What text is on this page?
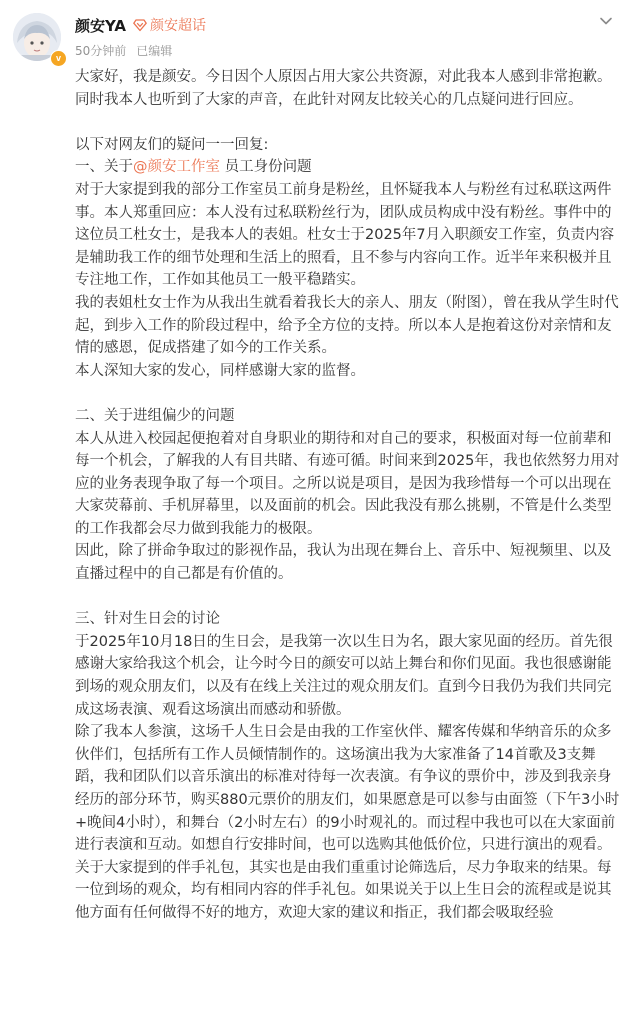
v
颜安YA 颜安超话
50分钟前 已编辑

大家好，我是颜安。今日因个人原因占用大家公共资源，对此我本人感到非常抱歉。同时我本人也听到了大家的声音，在此针对网友比较关心的几点疑问进行回应。

以下对网友们的疑问一一回复:

一、关于@颜安工作室 员工身份问题

对于大家提到我的部分工作室员工前身是粉丝，且怀疑我本人与粉丝有过私联这两件事。本人郑重回应：本人没有过私联粉丝行为，团队成员构成中没有粉丝。事件中的这位员工杜女士，是我本人的表姐。杜女士于2025年7月入职颜安工作室，负责内容是辅助我工作的细节处理和生活上的照看，且不参与内容向工作。近半年来积极并且专注地工作，工作如其他员工一般平稳踏实。

我的表姐杜女士作为从我出生就看着我长大的亲人、朋友（附图），曾在我从学生时代起，到步入工作的阶段过程中，给予全方位的支持。所以本人是抱着这份对亲情和友情的感恩，促成搭建了如今的工作关系。

本人深知大家的发心，同样感谢大家的监督。

二、关于进组偏少的问题

本人从进入校园起便抱着对自身职业的期待和对自己的要求，积极面对每一位前辈和每一个机会，了解我的人有目共睹、有迹可循。时间来到2025年，我也依然努力用对应的业务表现争取了每一个项目。之所以说是项目，是因为我珍惜每一个可以出现在大家荧幕前、手机屏幕里，以及面前的机会。因此我没有那么挑剔，不管是什么类型的工作我都会尽力做到我能力的极限。

因此，除了拼命争取过的影视作品，我认为出现在舞台上、音乐中、短视频里、以及直播过程中的自己都是有价值的。

三、针对生日会的讨论

于2025年10月18日的生日会，是我第一次以生日为名，跟大家见面的经历。首先很感谢大家给我这个机会，让今时今日的颜安可以站上舞台和你们见面。我也很感谢能到场的观众朋友们，以及有在线上关注过的观众朋友们。直到今日我仍为我们共同完成这场表演、观看这场演出而感动和骄傲。

除了我本人参演，这场千人生日会是由我的工作室伙伴、耀客传媒和华纳音乐的众多伙伴们，包括所有工作人员倾情制作的。这场演出我为大家准备了14首歌及3支舞蹈，我和团队们以音乐演出的标准对待每一次表演。有争议的票价中，涉及到我亲身经历的部分环节，购买880元票价的朋友们，如果愿意是可以参与由面签（下午3小时+晚间4小时），和舞台（2小时左右）的9小时观礼的。而过程中我也可以在大家面前进行表演和互动。如想自行安排时间，也可以选购其他低价位，只进行演出的观看。

关于大家提到的伴手礼包，其实也是由我们重重讨论筛选后，尽力争取来的结果。每一位到场的观众，均有相同内容的伴手礼包。如果说关于以上生日会的流程或是说其他方面有任何做得不好的地方，欢迎大家的建议和指正，我们都会吸取经验
